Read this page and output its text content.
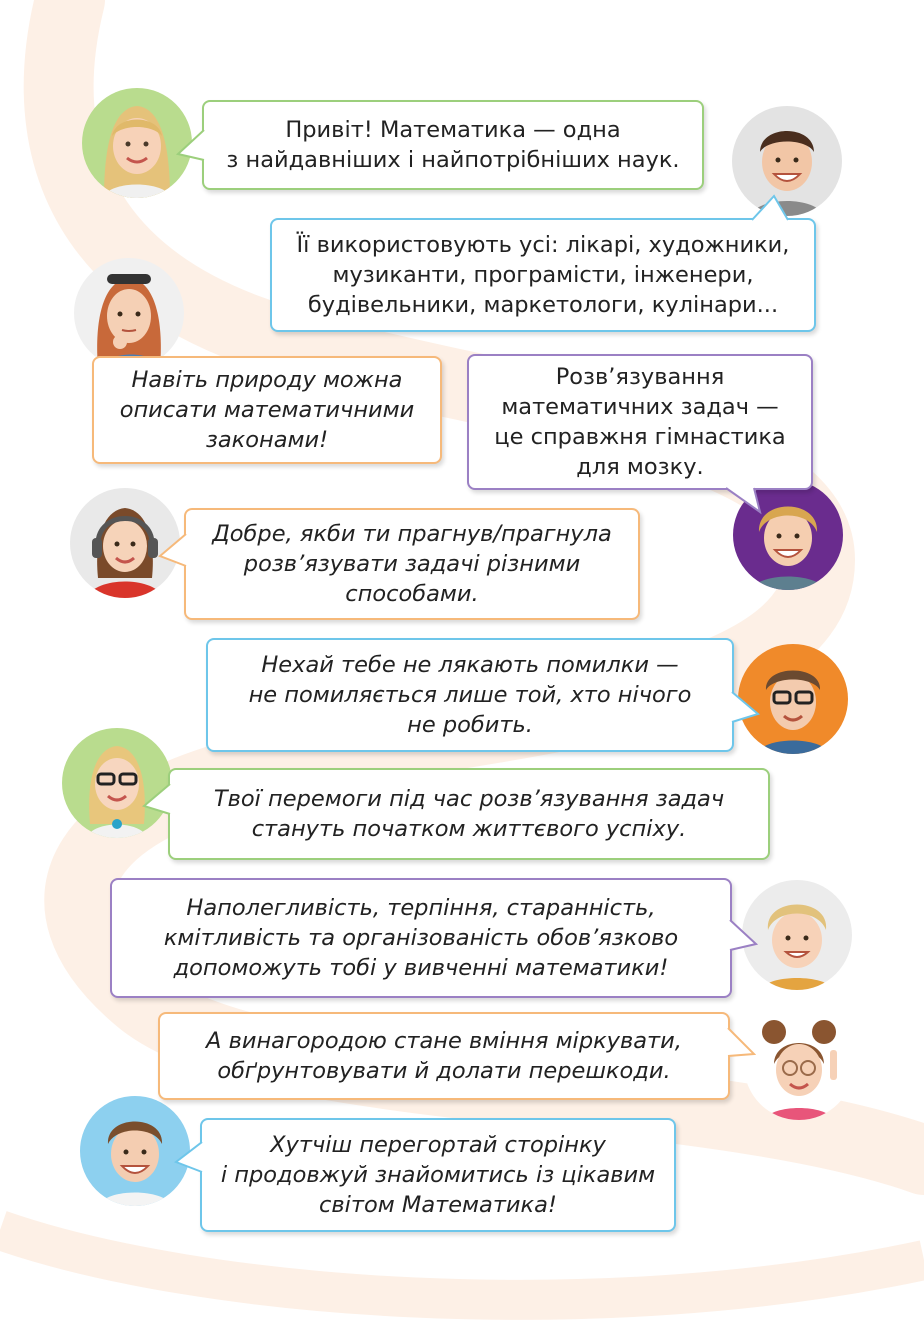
Привіт! Математика — одна
з найдавніших і найпотрібніших наук.
Її використовують усі: лікарі, художники,
музиканти, програмісти, інженери,
будівельники, маркетологи, кулінари...
Навіть природу можна
описати математичними
законами!
Розв’язування
математичних задач —
це справжня гімнастика
для мозку.
Добре, якби ти прагнув/прагнула
розв’язувати задачі різними
способами.
Нехай тебе не лякають помилки —
не помиляється лише той, хто нічого
не робить.
Твої перемоги під час розв’язування задач
стануть початком життєвого успіху.
Наполегливість, терпіння, старанність,
кмітливість та організованість обов’язково
допоможуть тобі у вивченні математики!
А винагородою стане вміння міркувати,
обґрунтовувати й долати перешкоди.
Хутчіш перегортай сторінку
і продовжуй знайомитись із цікавим
світом Математика!
